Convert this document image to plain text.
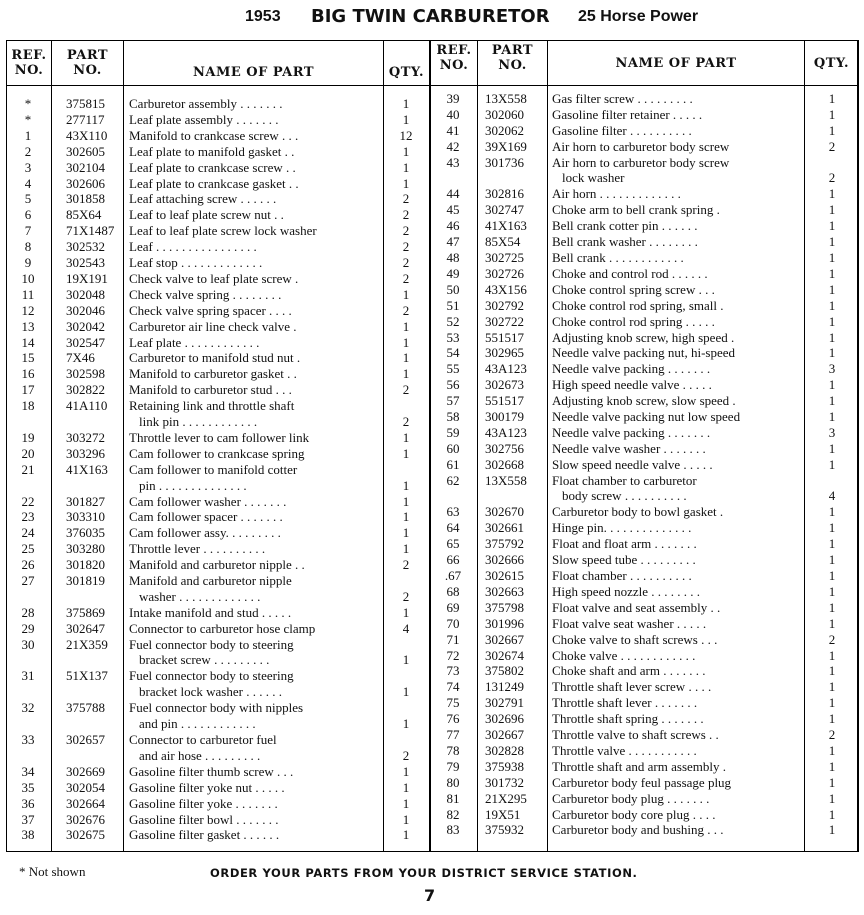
1953 BIG TWIN CARBURETOR 25 Horse Power
REF.
NO.
PART
NO.	NAME OF PART	QTY.
REF.
NO.
PART
NO.	NAME OF PART	QTY.
*	375815 Carburetor assembly . . . . . . .	1
*	277117 Leaf plate assembly . . . . . . .	1
1	43X110 Manifold to crankcase screw . . .	12
2	302605 Leaf plate to manifold gasket . .	1
3	302104 Leaf plate to crankcase screw . .	1
4	302606 Leaf plate to crankcase gasket . .	1
5	301858 Leaf attaching screw . . . . . .	2
6	85X64 Leaf to leaf plate screw nut . .	2
7	71X1487 Leaf to leaf plate screw lock washer	2
8	302532 Leaf . . . . . . . . . . . . . . . .	2
9	302543 Leaf stop . . . . . . . . . . . . .	2
10	19X191 Check valve to leaf plate screw .	2
11	302048 Check valve spring . . . . . . . .	1
12	302046 Check valve spring spacer . . . .	2
13	302042 Carburetor air line check valve .	1
14	302547 Leaf plate . . . . . . . . . . . .	1
15	7X46	Carburetor to manifold stud nut .	1
16	302598 Manifold to carburetor gasket . .	1
17	302822 Manifold to carburetor stud . . .	2
18	41A110 Retaining link and throttle shaft
link pin . . . . . . . . . . . .	2
19	303272 Throttle lever to cam follower link	1
20	303296 Cam follower to crankcase spring	1
21	41X163 Cam follower to manifold cotter
pin . . . . . . . . . . . . . .	1
22	301827 Cam follower washer . . . . . . .	1
23	303310 Cam follower spacer . . . . . . .	1
24	376035 Cam follower assy. . . . . . . . .	1
25	303280 Throttle lever . . . . . . . . . .	1
26	301820 Manifold and carburetor nipple . .	2
27	301819 Manifold and carburetor nipple
washer . . . . . . . . . . . . .	2
28	375869 Intake manifold and stud . . . . .	1
29	302647 Connector to carburetor hose clamp	4
30	21X359 Fuel connector body to steering
bracket screw . . . . . . . . .	1
31	51X137 Fuel connector body to steering
bracket lock washer . . . . . .	1
32	375788 Fuel connector body with nipples
and pin . . . . . . . . . . . .	1
33	302657 Connector to carburetor fuel
and air hose . . . . . . . . .	2
34	302669 Gasoline filter thumb screw . . .	1
35	302054 Gasoline filter yoke nut . . . . .	1
36	302664 Gasoline filter yoke . . . . . . .	1
37	302676 Gasoline filter bowl . . . . . . .	1
38	302675 Gasoline filter gasket . . . . . .	1
39	13X558 Gas filter screw . . . . . . . . .	1
40	302060 Gasoline filter retainer . . . . .	1
41	302062 Gasoline filter . . . . . . . . . .	1
42	39X169 Air horn to carburetor body screw	2
43	301736 Air horn to carburetor body screw
lock washer	2
44	302816 Air horn . . . . . . . . . . . . .	1
45	302747 Choke arm to bell crank spring .	1
46	41X163 Bell crank cotter pin . . . . . .	1
47	85X54 Bell crank washer . . . . . . . .	1
48	302725 Bell crank . . . . . . . . . . . .	1
49	302726 Choke and control rod . . . . . .	1
50	43X156 Choke control spring screw . . .	1
51	302792 Choke control rod spring, small .	1
52	302722 Choke control rod spring . . . . .	1
53	551517 Adjusting knob screw, high speed .	1
54	302965 Needle valve packing nut, hi-speed	1
55	43A123 Needle valve packing . . . . . . .	3
56	302673 High speed needle valve . . . . .	1
57	551517 Adjusting knob screw, slow speed .	1
58	300179 Needle valve packing nut low speed	1
59	43A123 Needle valve packing . . . . . . .	3
60	302756 Needle valve washer . . . . . . .	1
61	302668 Slow speed needle valve . . . . .	1
62	13X558 Float chamber to carburetor
body screw . . . . . . . . . .	4
63	302670 Carburetor body to bowl gasket .	1
64	302661 Hinge pin. . . . . . . . . . . . . .	1
65	375792 Float and float arm . . . . . . .	1
66	302666 Slow speed tube . . . . . . . . .	1
.67	302615 Float chamber . . . . . . . . . .	1
68	302663 High speed nozzle . . . . . . . .	1
69	375798 Float valve and seat assembly . .	1
70	301996 Float valve seat washer . . . . .	1
71	302667 Choke valve to shaft screws . . .	2
72	302674 Choke valve . . . . . . . . . . . .	1
73	375802 Choke shaft and arm . . . . . . .	1
74	131249 Throttle shaft lever screw . . . .	1
75	302791 Throttle shaft lever . . . . . . .	1
76	302696 Throttle shaft spring . . . . . . .	1
77	302667 Throttle valve to shaft screws . .	2
78	302828 Throttle valve . . . . . . . . . . .	1
79	375938 Throttle shaft and arm assembly .	1
80	301732 Carburetor body feul passage plug	1
81	21X295 Carburetor body plug . . . . . . .	1
82	19X51 Carburetor body core plug . . . .	1
83	375932 Carburetor body and bushing . . .	1
* Not shown	ORDER YOUR PARTS FROM YOUR DISTRICT SERVICE STATION.
7
